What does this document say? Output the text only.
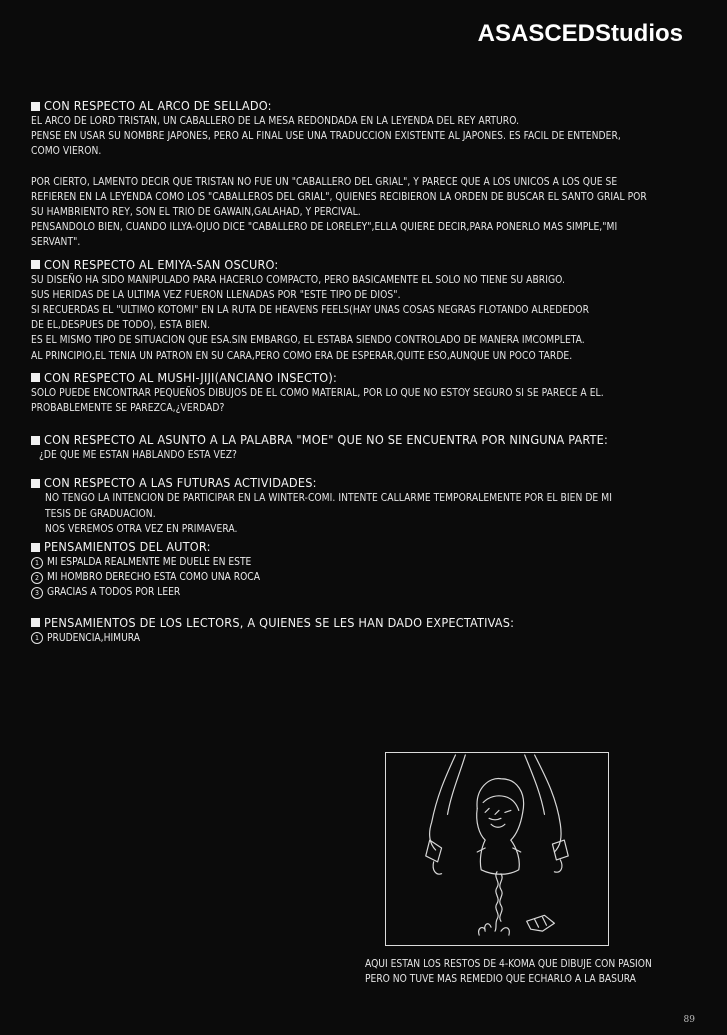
ASASCEDStudios
CON RESPECTO AL ARCO DE SELLADO:
EL ARCO DE LORD TRISTAN, UN CABALLERO DE LA MESA REDONDADA EN LA LEYENDA DEL REY ARTURO.
PENSE EN USAR SU NOMBRE JAPONES, PERO AL FINAL USE UNA TRADUCCION EXISTENTE AL JAPONES. ES FACIL DE ENTENDER,
COMO VIERON.
POR CIERTO, LAMENTO DECIR QUE TRISTAN NO FUE UN "CABALLERO DEL GRIAL", Y PARECE QUE A LOS UNICOS A LOS QUE SE
REFIEREN EN LA LEYENDA COMO LOS "CABALLEROS DEL GRIAL", QUIENES RECIBIERON LA ORDEN DE BUSCAR EL SANTO GRIAL POR
SU HAMBRIENTO REY, SON EL TRIO DE GAWAIN,GALAHAD, Y PERCIVAL.
PENSANDOLO BIEN, CUANDO ILLYA-OJUO DICE "CABALLERO DE LORELEY",ELLA QUIERE DECIR,PARA PONERLO MAS SIMPLE,"MI
SERVANT".
CON RESPECTO AL EMIYA-SAN OSCURO:
SU DISEÑO HA SIDO MANIPULADO PARA HACERLO COMPACTO, PERO BASICAMENTE EL SOLO NO TIENE SU ABRIGO.
SUS HERIDAS DE LA ULTIMA VEZ FUERON LLENADAS POR "ESTE TIPO DE DIOS".
SI RECUERDAS EL "ULTIMO KOTOMI" EN LA RUTA DE HEAVENS FEELS(HAY UNAS COSAS NEGRAS FLOTANDO ALREDEDOR
DE EL,DESPUES DE TODO), ESTA BIEN.
ES EL MISMO TIPO DE SITUACION QUE ESA.SIN EMBARGO, EL ESTABA SIENDO CONTROLADO DE MANERA IMCOMPLETA.
AL PRINCIPIO,EL TENIA UN PATRON EN SU CARA,PERO COMO ERA DE ESPERAR,QUITE ESO,AUNQUE UN POCO TARDE.
CON RESPECTO AL MUSHI-JIJI(ANCIANO INSECTO):
SOLO PUEDE ENCONTRAR PEQUEÑOS DIBUJOS DE EL COMO MATERIAL, POR LO QUE NO ESTOY SEGURO SI SE PARECE A EL.
PROBABLEMENTE SE PAREZCA,¿VERDAD?
CON RESPECTO AL ASUNTO A LA PALABRA "MOE" QUE NO SE ENCUENTRA POR NINGUNA PARTE:
¿DE QUE ME ESTAN HABLANDO ESTA VEZ?
CON RESPECTO A LAS FUTURAS ACTIVIDADES:
NO TENGO LA INTENCION DE PARTICIPAR EN LA WINTER-COMI. INTENTE CALLARME TEMPORALEMENTE POR EL BIEN DE MI
TESIS DE GRADUACION.
NOS VEREMOS OTRA VEZ EN PRIMAVERA.
PENSAMIENTOS DEL AUTOR:
1 MI ESPALDA REALMENTE ME DUELE EN ESTE
2 MI HOMBRO DERECHO ESTA COMO UNA ROCA
3 GRACIAS A TODOS POR LEER
PENSAMIENTOS DE LOS LECTORS, A QUIENES SE LES HAN DADO EXPECTATIVAS:
1 PRUDENCIA,HIMURA
AQUI ESTAN LOS RESTOS DE 4-KOMA QUE DIBUJE CON PASION
PERO NO TUVE MAS REMEDIO QUE ECHARLO A LA BASURA
89
